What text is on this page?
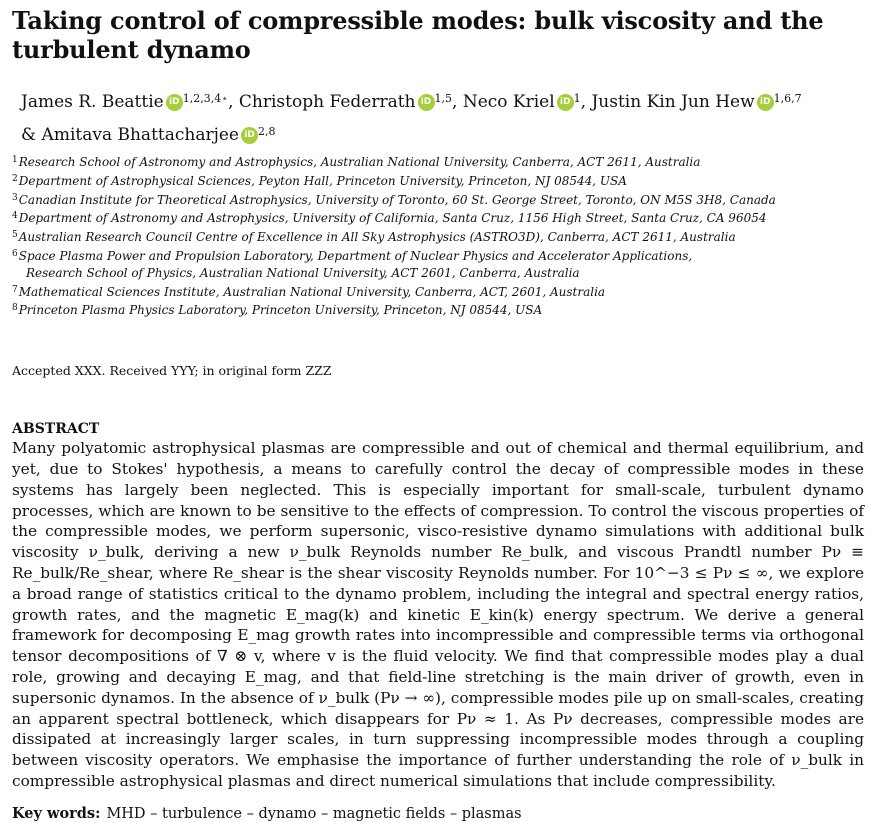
Taking control of compressible modes: bulk viscosity and the turbulent dynamo
James R. Beattie iD $^{1,2,3,4⋆}$, Christoph Federrath iD $^{1,5}$, Neco Kriel iD $^1$, Justin Kin Jun Hew iD $^{1,6,7}$
& Amitava Bhattacharjee iD $^{2,8}$
$^1$Research School of Astronomy and Astrophysics, Australian National University, Canberra, ACT 2611, Australia
$^2$Department of Astrophysical Sciences, Peyton Hall, Princeton University, Princeton, NJ 08544, USA
$^3$Canadian Institute for Theoretical Astrophysics, University of Toronto, 60 St. George Street, Toronto, ON M5S 3H8, Canada
$^4$Department of Astronomy and Astrophysics, University of California, Santa Cruz, 1156 High Street, Santa Cruz, CA 96054
$^5$Australian Research Council Centre of Excellence in All Sky Astrophysics (ASTRO3D), Canberra, ACT 2611, Australia
$^6$Space Plasma Power and Propulsion Laboratory, Department of Nuclear Physics and Accelerator Applications,
Research School of Physics, Australian National University, ACT 2601, Canberra, Australia
$^7$Mathematical Sciences Institute, Australian National University, Canberra, ACT, 2601, Australia
$^8$Princeton Plasma Physics Laboratory, Princeton University, Princeton, NJ 08544, USA
Accepted XXX. Received YYY; in original form ZZZ
ABSTRACT

Many polyatomic astrophysical plasmas are compressible and out of chemical and thermal equilibrium, and yet, due to Stokes' hypothesis, a means to carefully control the decay of compressible modes in these systems has largely been neglected. This is especially important for small-scale, turbulent dynamo processes, which are known to be sensitive to the effects of compression. To control the viscous properties of the compressible modes, we perform supersonic, visco-resistive dynamo simulations with additional bulk viscosity ν_bulk, deriving a new ν_bulk Reynolds number Re_bulk, and viscous Prandtl number Pν ≡ Re_bulk/Re_shear, where Re_shear is the shear viscosity Reynolds number. For 10^−3 ≤ Pν ≤ ∞, we explore a broad range of statistics critical to the dynamo problem, including the integral and spectral energy ratios, growth rates, and the magnetic E_mag(k) and kinetic E_kin(k) energy spectrum. We derive a general framework for decomposing E_mag growth rates into incompressible and compressible terms via orthogonal tensor decompositions of ∇ ⊗ v, where v is the fluid velocity. We find that compressible modes play a dual role, growing and decaying E_mag, and that field-line stretching is the main driver of growth, even in supersonic dynamos. In the absence of ν_bulk (Pν → ∞), compressible modes pile up on small-scales, creating an apparent spectral bottleneck, which disappears for Pν ≈ 1. As Pν decreases, compressible modes are dissipated at increasingly larger scales, in turn suppressing incompressible modes through a coupling between viscosity operators. We emphasise the importance of further understanding the role of ν_bulk in compressible astrophysical plasmas and direct numerical simulations that include compressibility.

Key words: MHD – turbulence – dynamo – magnetic fields – plasmas
